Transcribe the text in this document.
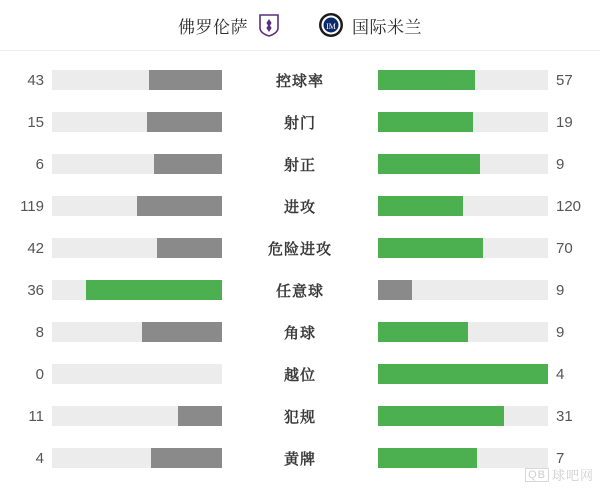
佛罗伦萨	IM 国际米兰
43	控球率	57
15	射门	19
6	射正	9
119	进攻	120
42	危险进攻	70
36	任意球	9
8	角球	9
0	越位	4
11	犯规	31
4	黄牌	7
QB 球吧网
